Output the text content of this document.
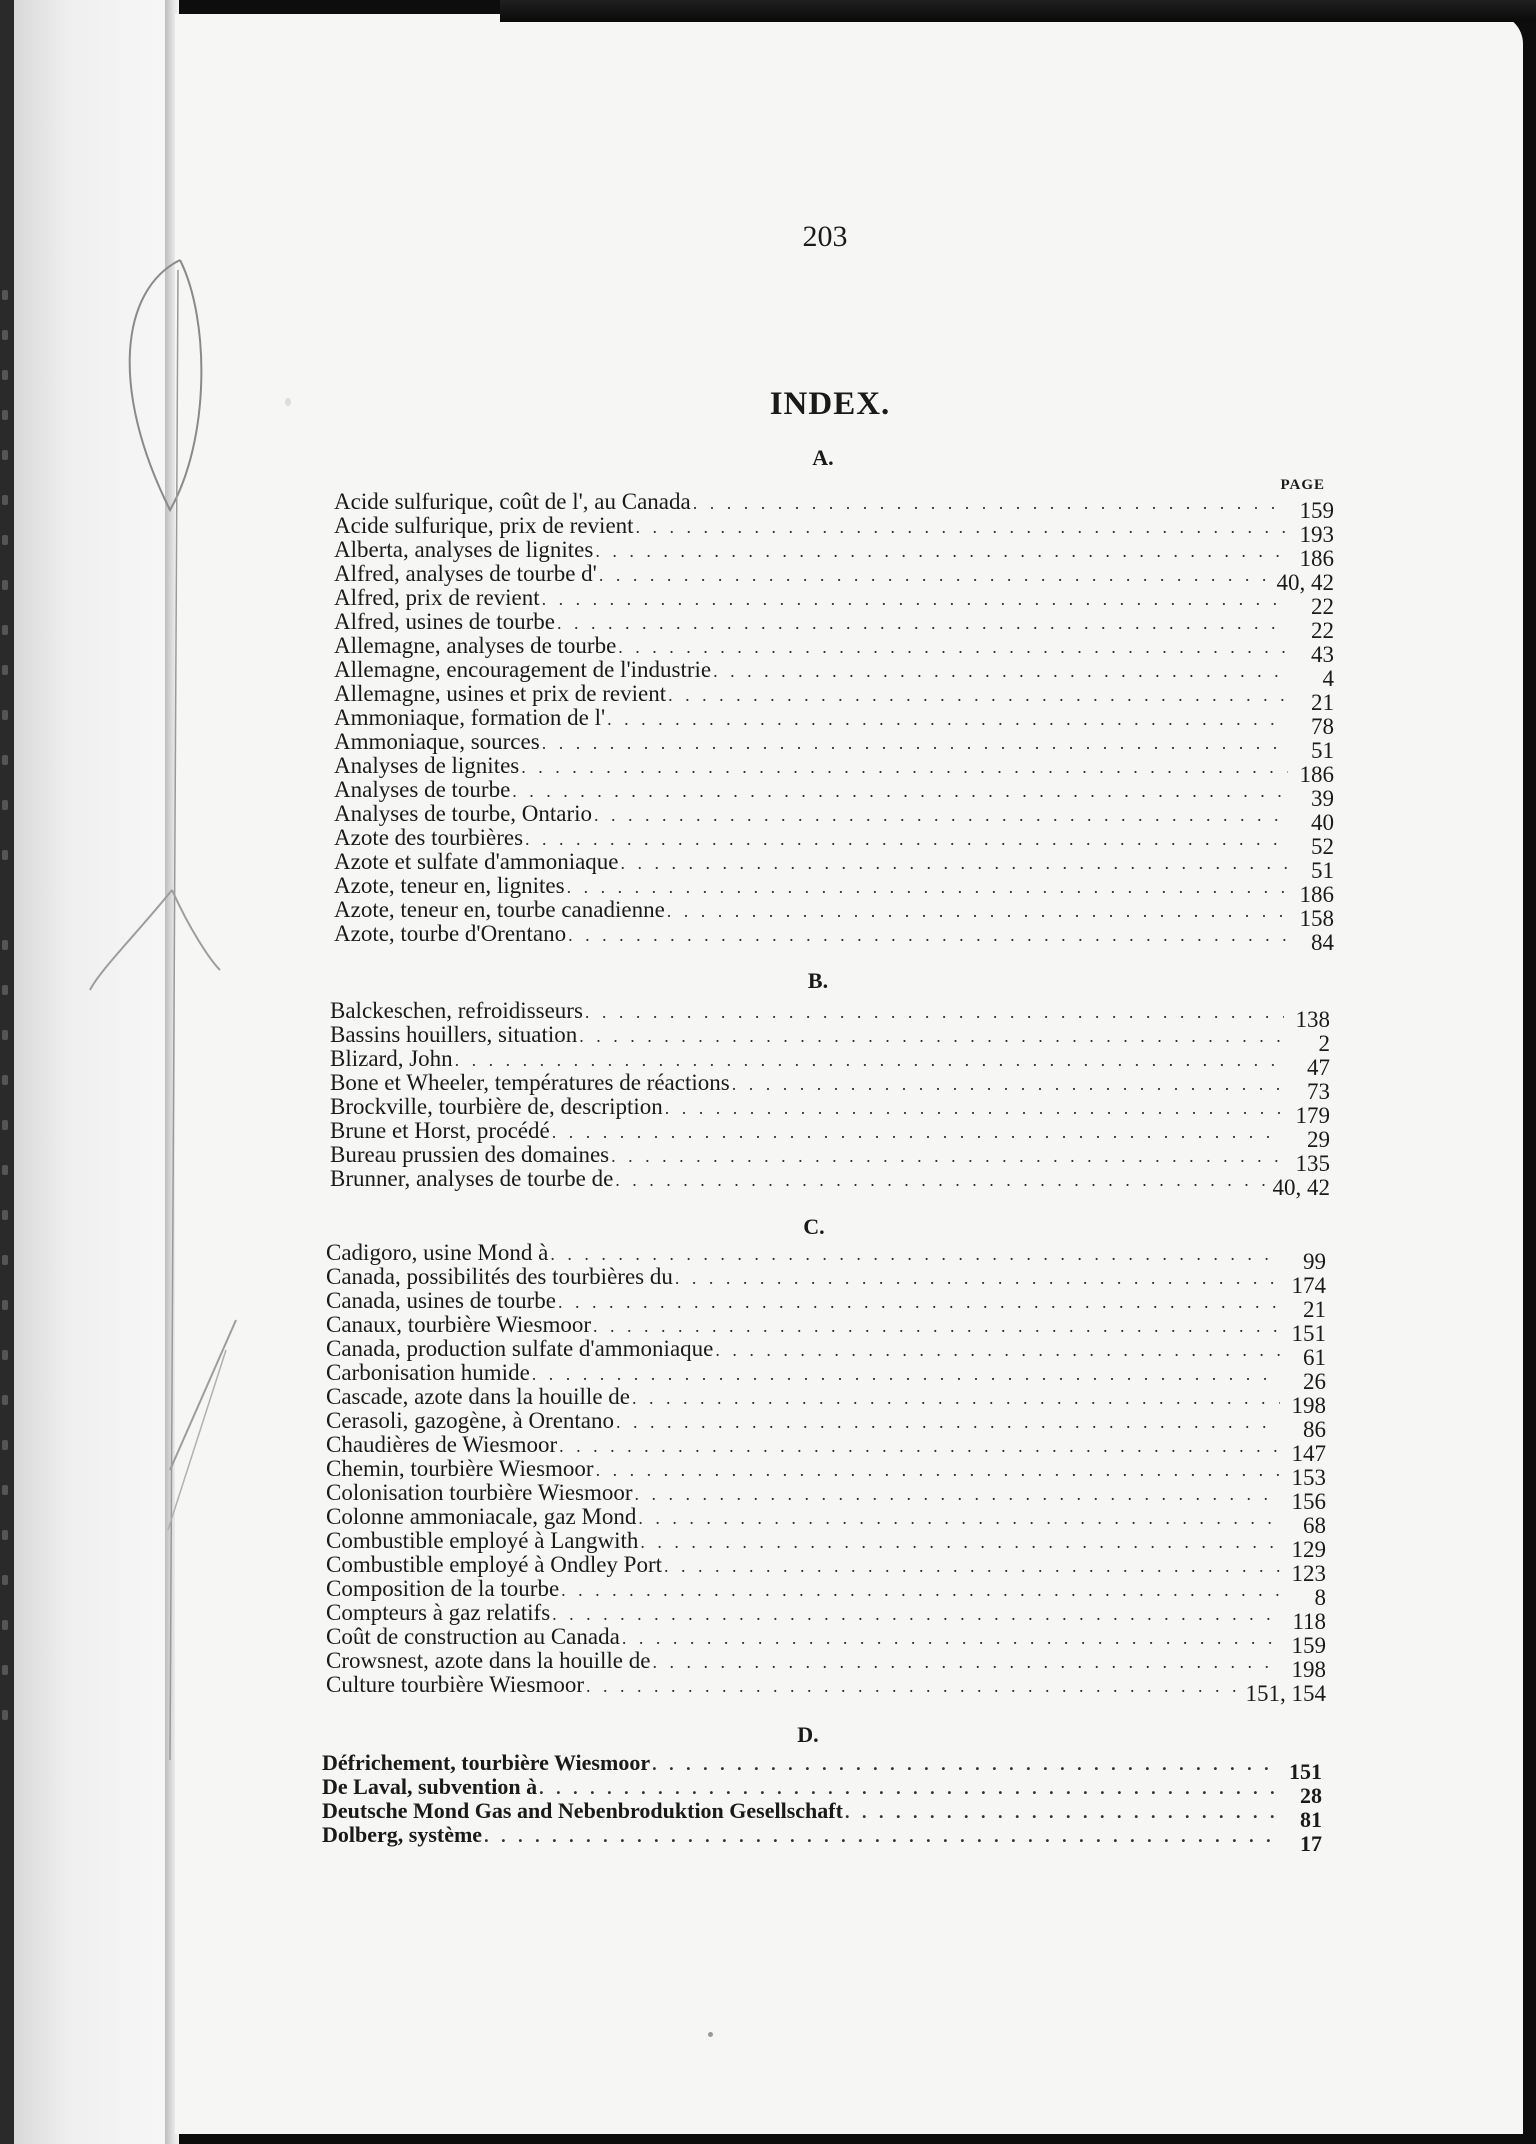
203
INDEX.
PAGE
A.
Acide sulfurique, coût de l', au Canada . . .	159
Acide sulfurique, prix de revient . . .	193
Alberta, analyses de lignites . . .	186
Alfred, analyses de tourbe d' . . .	40, 42
Alfred, prix de revient . . .	22
Alfred, usines de tourbe . . .	22
Allemagne, analyses de tourbe . . .	43
Allemagne, encouragement de l'industrie . . .	4
Allemagne, usines et prix de revient . . .	21
Ammoniaque, formation de l' . . .	78
Ammoniaque, sources . . .	51
Analyses de lignites . . .	186
Analyses de tourbe . . .	39
Analyses de tourbe, Ontario . . .	40
Azote des tourbières . . .	52
Azote et sulfate d'ammoniaque . . .	51
Azote, teneur en, lignites . . .	186
Azote, teneur en, tourbe canadienne . . .	158
Azote, tourbe d'Orentano . . .	84
B.
Balckeschen, refroidisseurs . . .	138
Bassins houillers, situation . . .	2
Blizard, John . . .	47
Bone et Wheeler, températures de réactions . . .	73
Brockville, tourbière de, description . . .	179
Brune et Horst, procédé . . .	29
Bureau prussien des domaines . . .	135
Brunner, analyses de tourbe de . . .	40, 42
C.
Cadigoro, usine Mond à . . .	99
Canada, possibilités des tourbières du . . .	174
Canada, usines de tourbe . . .	21
Canaux, tourbière Wiesmoor . . .	151
Canada, production sulfate d'ammoniaque . . .	61
Carbonisation humide . . .	26
Cascade, azote dans la houille de . . .	198
Cerasoli, gazogène, à Orentano . . .	86
Chaudières de Wiesmoor . . .	147
Chemin, tourbière Wiesmoor . . .	153
Colonisation tourbière Wiesmoor . . .	156
Colonne ammoniacale, gaz Mond . . .	68
Combustible employé à Langwith . . .	129
Combustible employé à Ondley Port . . .	123
Composition de la tourbe . . .	8
Compteurs à gaz relatifs . . .	118
Coût de construction au Canada . . .	159
Crowsnest, azote dans la houille de . . .	198
Culture tourbière Wiesmoor . . .	151, 154
D.
Défrichement, tourbière Wiesmoor . . .	151
De Laval, subvention à . . .	28
Deutsche Mond Gas and Nebenbroduktion Gesellschaft . . .	81
Dolberg, système . . .	17
